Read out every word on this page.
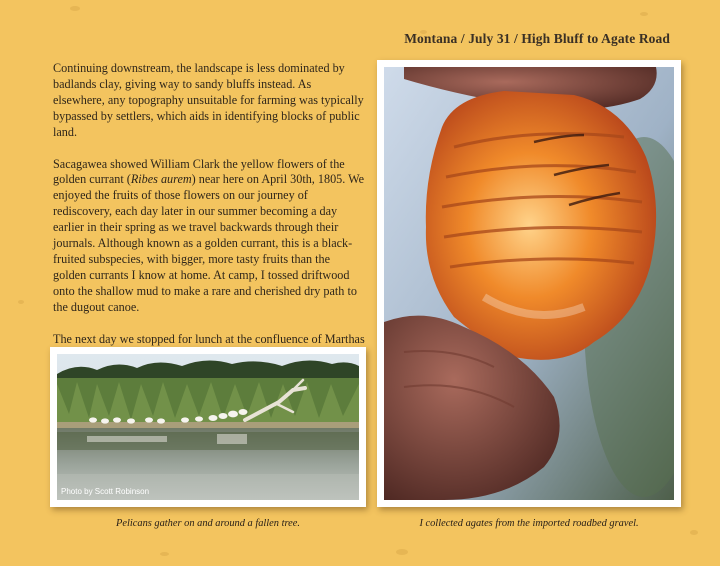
Montana / July 31 / High Bluff to Agate Road

Continuing downstream, the landscape is less dominated by badlands clay, giving way to sandy bluffs instead. As elsewhere, any topography unsuitable for farming was typically bypassed by settlers, which aids in identifying blocks of public land.

Sacagawea showed William Clark the yellow flowers of the golden currant (Ribes aurem) near here on April 30th, 1805. We enjoyed the fruits of those flowers on our journey of rediscovery, each day later in our summer becoming a day earlier in their spring as we travel backwards through their journals. Although known as a golden currant, this is a black-fruited subspecies, with bigger, more tasty fruits than the golden currants I know at home. At camp, I tossed driftwood onto the shallow mud to make a rare and cherished dry path to the dugout canoe.

The next day we stopped for lunch at the confluence of Marthas

Photo by Scott Robinson
Pelicans gather on and around a fallen tree.	I collected agates from the imported roadbed gravel.
